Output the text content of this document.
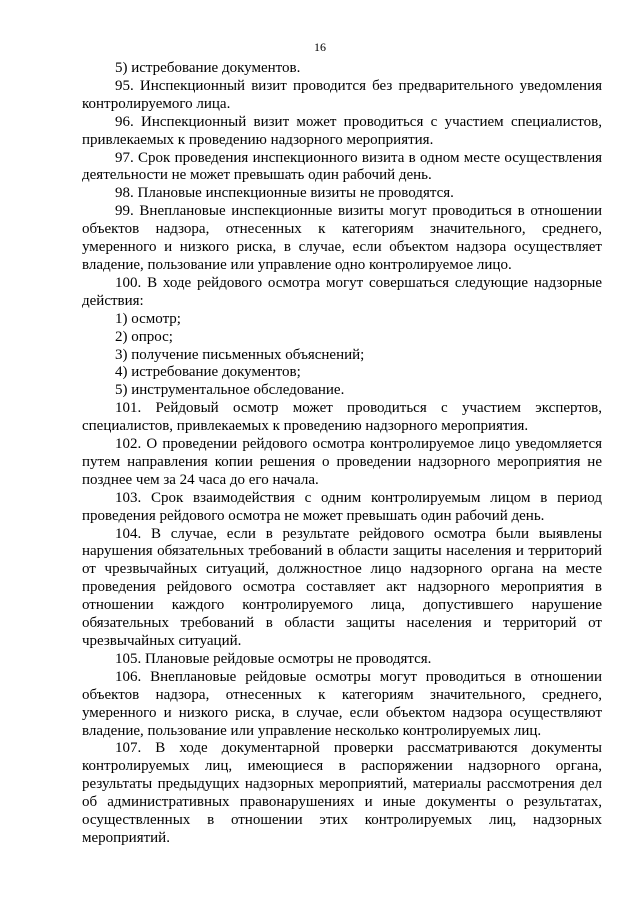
16

5) истребование документов.

95. Инспекционный визит проводится без предварительного уведомления контролируемого лица.

96. Инспекционный визит может проводиться с участием специалистов, привлекаемых к проведению надзорного мероприятия.

97. Срок проведения инспекционного визита в одном месте осуществления деятельности не может превышать один рабочий день.

98. Плановые инспекционные визиты не проводятся.

99. Внеплановые инспекционные визиты могут проводиться в отношении объектов надзора, отнесенных к категориям значительного, среднего, умеренного и низкого риска, в случае, если объектом надзора осуществляет владение, пользование или управление одно контролируемое лицо.

100. В ходе рейдового осмотра могут совершаться следующие надзорные действия:

1) осмотр;

2) опрос;

3) получение письменных объяснений;

4) истребование документов;

5) инструментальное обследование.

101. Рейдовый осмотр может проводиться с участием экспертов, специалистов, привлекаемых к проведению надзорного мероприятия.

102. О проведении рейдового осмотра контролируемое лицо уведомляется путем направления копии решения о проведении надзорного мероприятия не позднее чем за 24 часа до его начала.

103. Срок взаимодействия с одним контролируемым лицом в период проведения рейдового осмотра не может превышать один рабочий день.

104. В случае, если в результате рейдового осмотра были выявлены нарушения обязательных требований в области защиты населения и территорий от чрезвычайных ситуаций, должностное лицо надзорного органа на месте проведения рейдового осмотра составляет акт надзорного мероприятия в отношении каждого контролируемого лица, допустившего нарушение обязательных требований в области защиты населения и территорий от чрезвычайных ситуаций.

105. Плановые рейдовые осмотры не проводятся.

106. Внеплановые рейдовые осмотры могут проводиться в отношении объектов надзора, отнесенных к категориям значительного, среднего, умеренного и низкого риска, в случае, если объектом надзора осуществляют владение, пользование или управление несколько контролируемых лиц.

107. В ходе документарной проверки рассматриваются документы контролируемых лиц, имеющиеся в распоряжении надзорного органа, результаты предыдущих надзорных мероприятий, материалы рассмотрения дел об административных правонарушениях и иные документы о результатах, осуществленных в отношении этих контролируемых лиц, надзорных мероприятий.
